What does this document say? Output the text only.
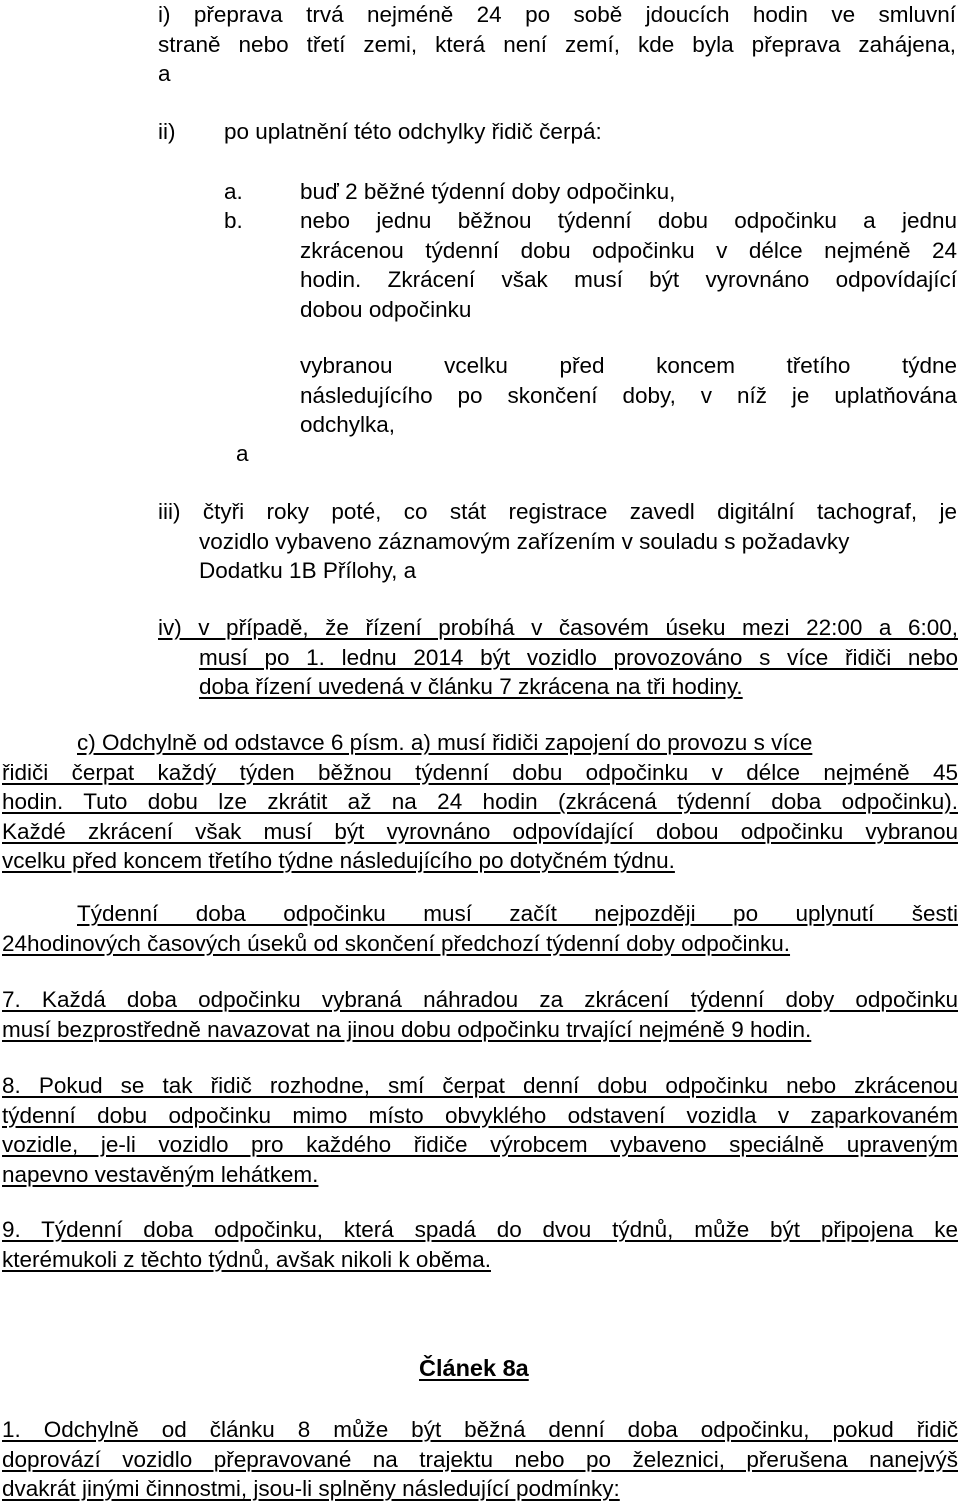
i) přeprava trvá nejméně 24 po sobě jdoucích hodin ve smluvní
straně nebo třetí zemi, která není zemí, kde byla přeprava zahájena,
a
ii) po uplatnění této odchylky řidič čerpá:
a.	buď 2 běžné týdenní doby odpočinku,
b.	nebo jednu běžnou týdenní dobu odpočinku a jednu
zkrácenou týdenní dobu odpočinku v délce nejméně 24
hodin. Zkrácení však musí být vyrovnáno odpovídající
dobou odpočinku
vybranou vcelku před koncem třetího týdne
následujícího po skončení doby, v níž je uplatňována
odchylka,
a
iii) čtyři roky poté, co stát registrace zavedl digitální tachograf, je
vozidlo vybaveno záznamovým zařízením v souladu s požadavky
Dodatku 1B Přílohy, a
iv) v případě, že řízení probíhá v časovém úseku mezi 22:00 a 6:00,
musí po 1. lednu 2014 být vozidlo provozováno s více řidiči nebo
doba řízení uvedená v článku 7 zkrácena na tři hodiny.
c) Odchylně od odstavce 6 písm. a) musí řidiči zapojení do provozu s více
řidiči čerpat každý týden běžnou týdenní dobu odpočinku v délce nejméně 45
hodin. Tuto dobu lze zkrátit až na 24 hodin (zkrácená týdenní doba odpočinku).
Každé zkrácení však musí být vyrovnáno odpovídající dobou odpočinku vybranou
vcelku před koncem třetího týdne následujícího po dotyčném týdnu.
Týdenní doba odpočinku musí začít nejpozději po uplynutí šesti
24hodinových časových úseků od skončení předchozí týdenní doby odpočinku.
7. Každá doba odpočinku vybraná náhradou za zkrácení týdenní doby odpočinku
musí bezprostředně navazovat na jinou dobu odpočinku trvající nejméně 9 hodin.
8. Pokud se tak řidič rozhodne, smí čerpat denní dobu odpočinku nebo zkrácenou
týdenní dobu odpočinku mimo místo obvyklého odstavení vozidla v zaparkovaném
vozidle, je-li vozidlo pro každého řidiče výrobcem vybaveno speciálně upraveným
napevno vestavěným lehátkem.
9. Týdenní doba odpočinku, která spadá do dvou týdnů, může být připojena ke
kterémukoli z těchto týdnů, avšak nikoli k oběma.
Článek 8a
1. Odchylně od článku 8 může být běžná denní doba odpočinku, pokud řidič
doprovází vozidlo přepravované na trajektu nebo po železnici, přerušena nanejvýš
dvakrát jinými činnostmi, jsou-li splněny následující podmínky:
